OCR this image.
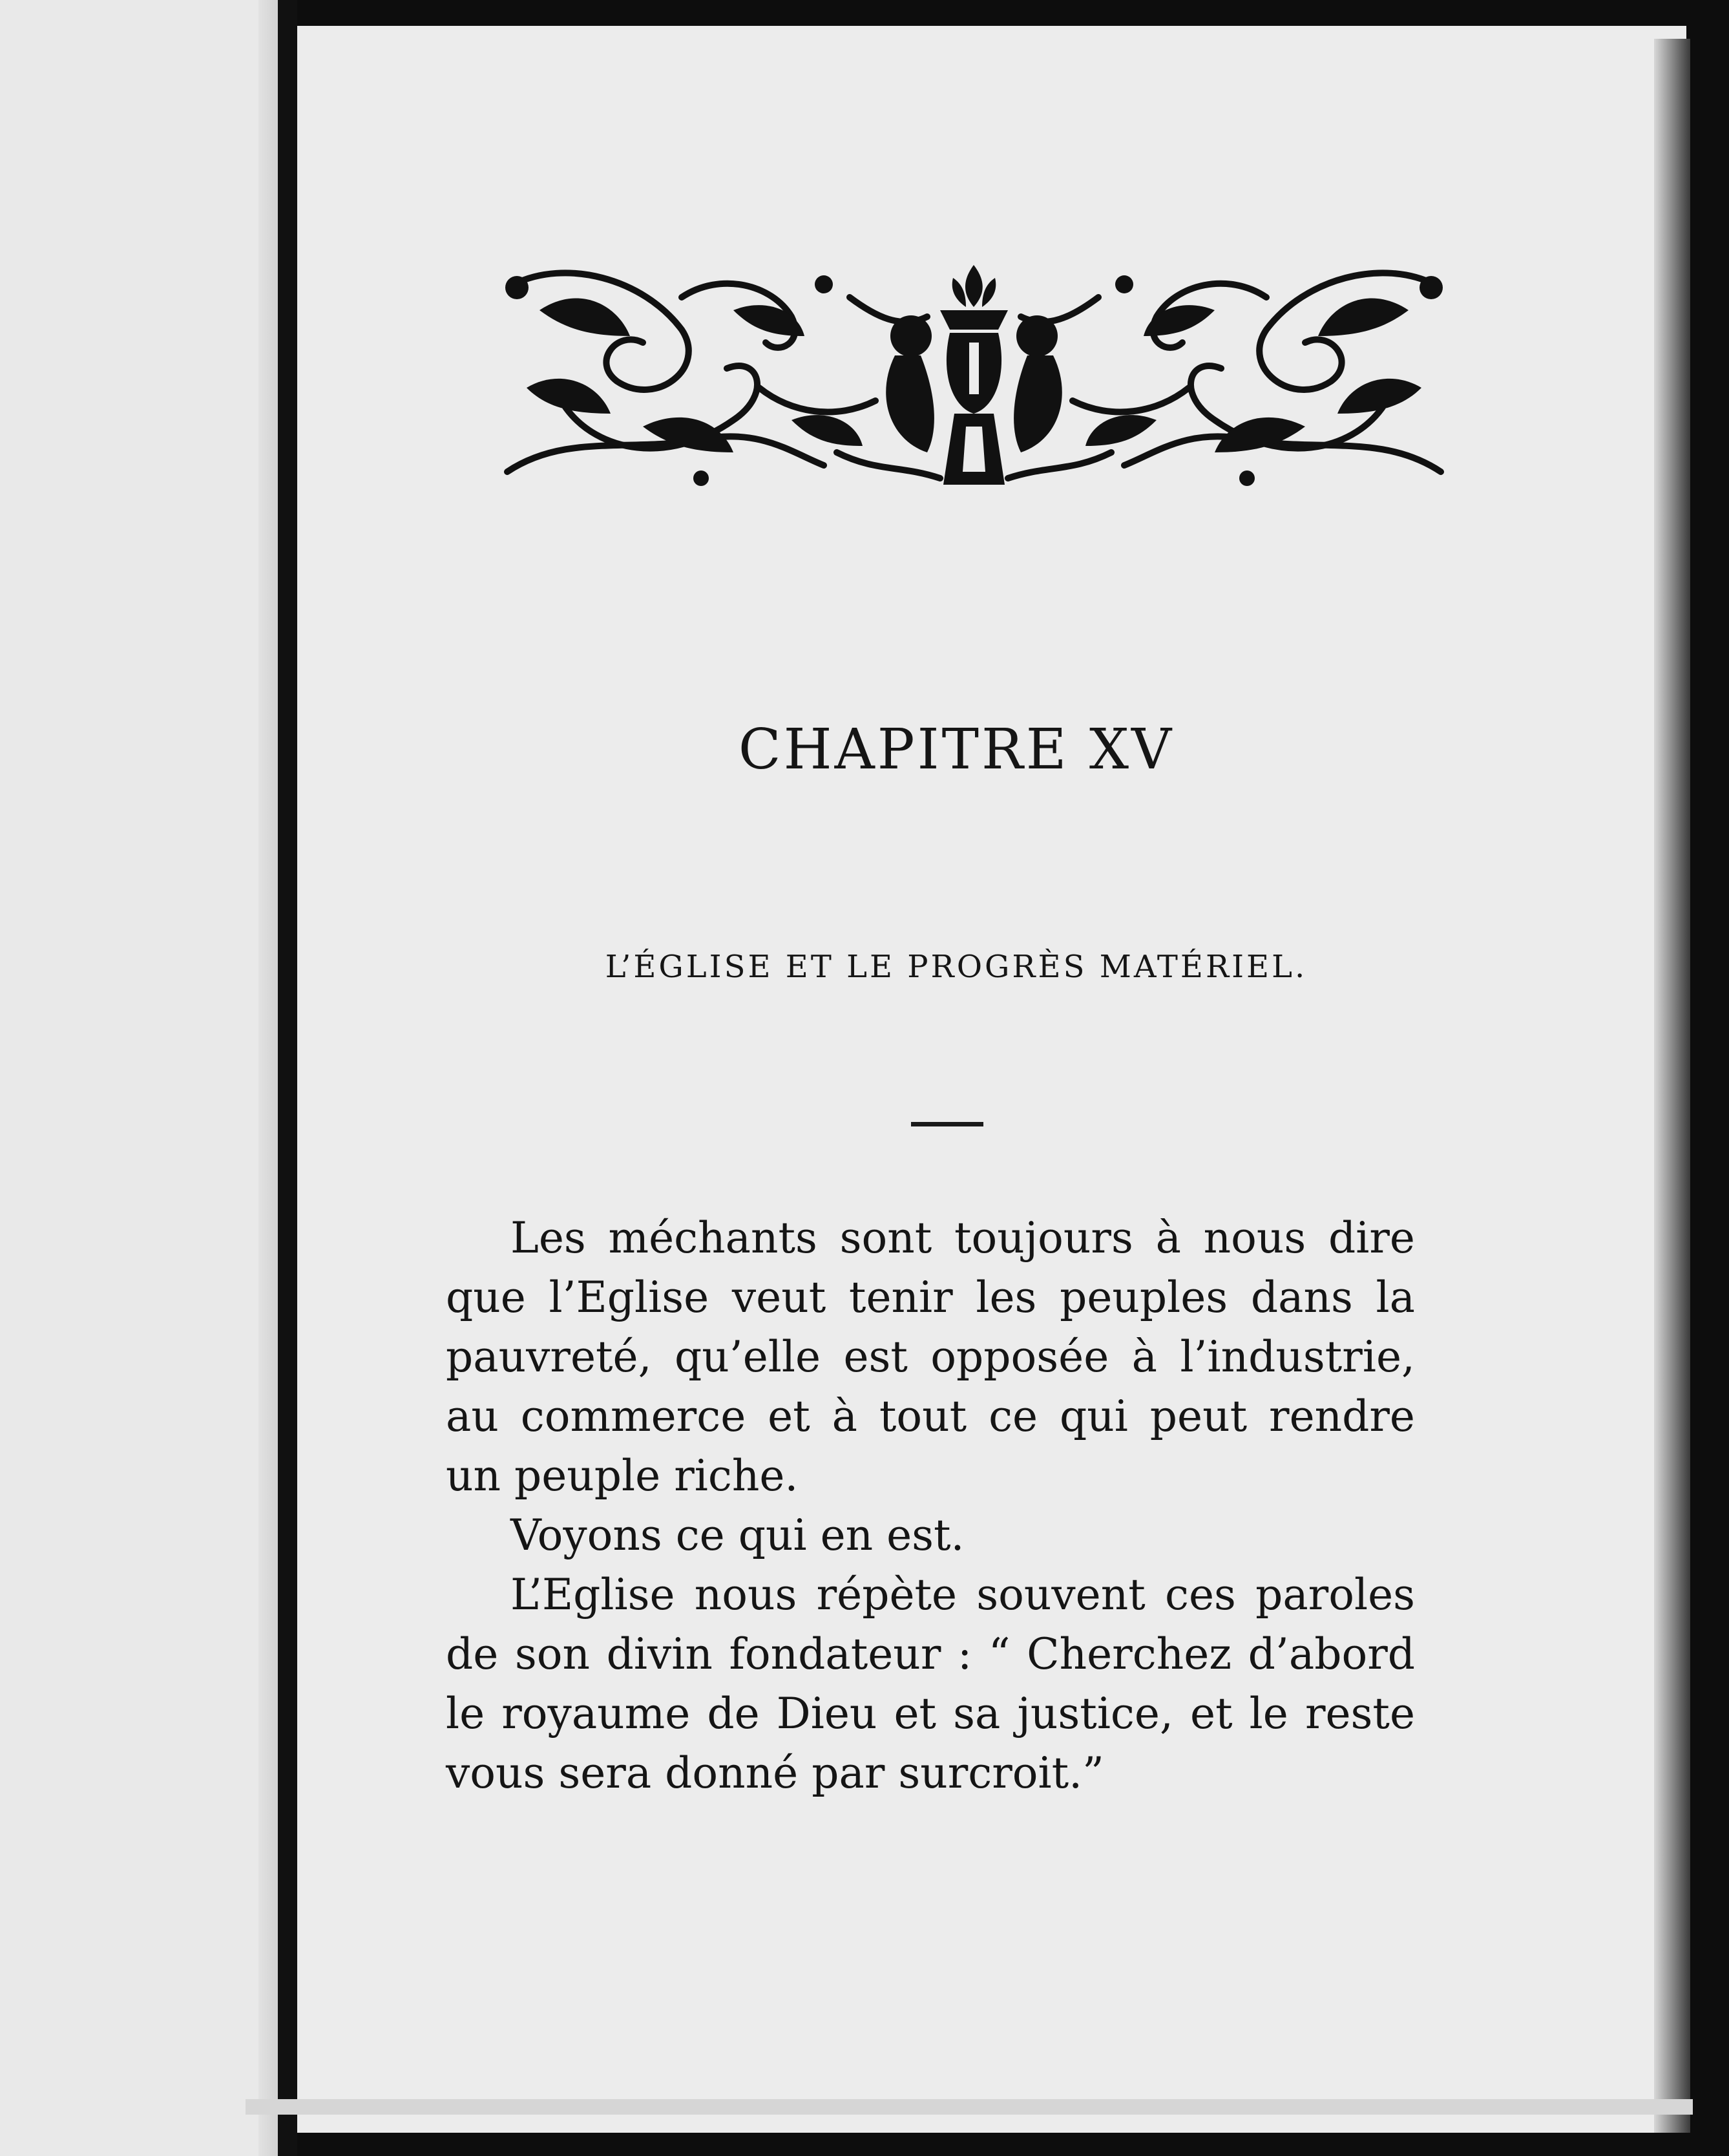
CHAPITRE XV
L’ÉGLISE ET LE PROGRÈS MATÉRIEL.

Les méchants sont toujours à nous dire que l’Eglise veut tenir les peuples dans la pauvreté, qu’elle est opposée à l’industrie, au commerce et à tout ce qui peut rendre un peuple riche.

Voyons ce qui en est.

L’Eglise nous répète souvent ces paroles de son divin fondateur : “ Cherchez d’abord le royaume de Dieu et sa justice, et le reste vous sera donné par surcroit.”
